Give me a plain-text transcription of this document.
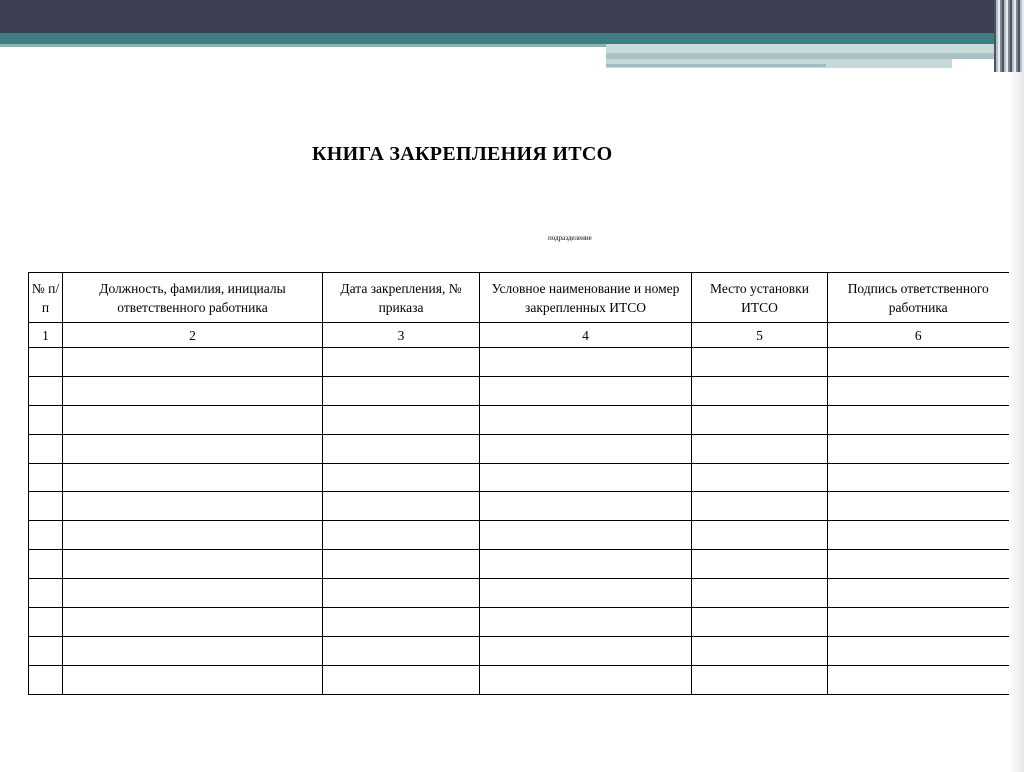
КНИГА ЗАКРЕПЛЕНИЯ ИТСО
подразделение
№ п/п	Должность, фамилия, инициалы ответственного работника	Дата закрепления, № приказа	Условное наименование и номер закрепленных ИТСО	Место установки ИТСО	Подпись ответственного работника
1	2	3	4	5	6
